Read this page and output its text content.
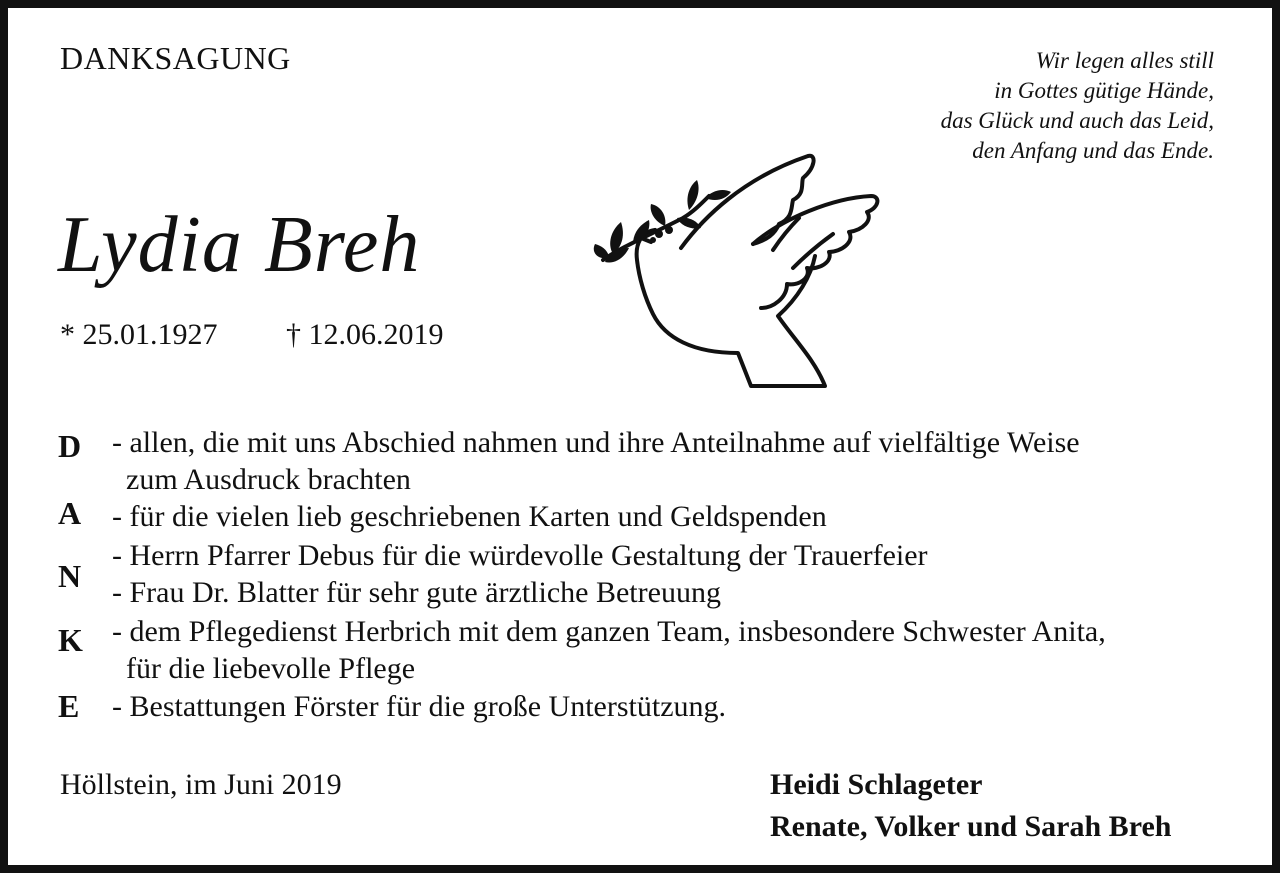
DANKSAGUNG	Wir legen alles still
in Gottes gütige Hände,
das Glück und auch das Leid,
den Anfang und das Ende.
Lydia Breh
* 25.01.1927 † 12.06.2019
D
A
N
K
E
- allen, die mit uns Abschied nahmen und ihre Anteilnahme auf vielfältige Weise
zum Ausdruck brachten
- für die vielen lieb geschriebenen Karten und Geldspenden
- Herrn Pfarrer Debus für die würdevolle Gestaltung der Trauerfeier
- Frau Dr. Blatter für sehr gute ärztliche Betreuung
- dem Pflegedienst Herbrich mit dem ganzen Team, insbesondere Schwester Anita,
für die liebevolle Pflege
- Bestattungen Förster für die große Unterstützung.
Höllstein, im Juni 2019	Heidi Schlageter
Renate, Volker und Sarah Breh
